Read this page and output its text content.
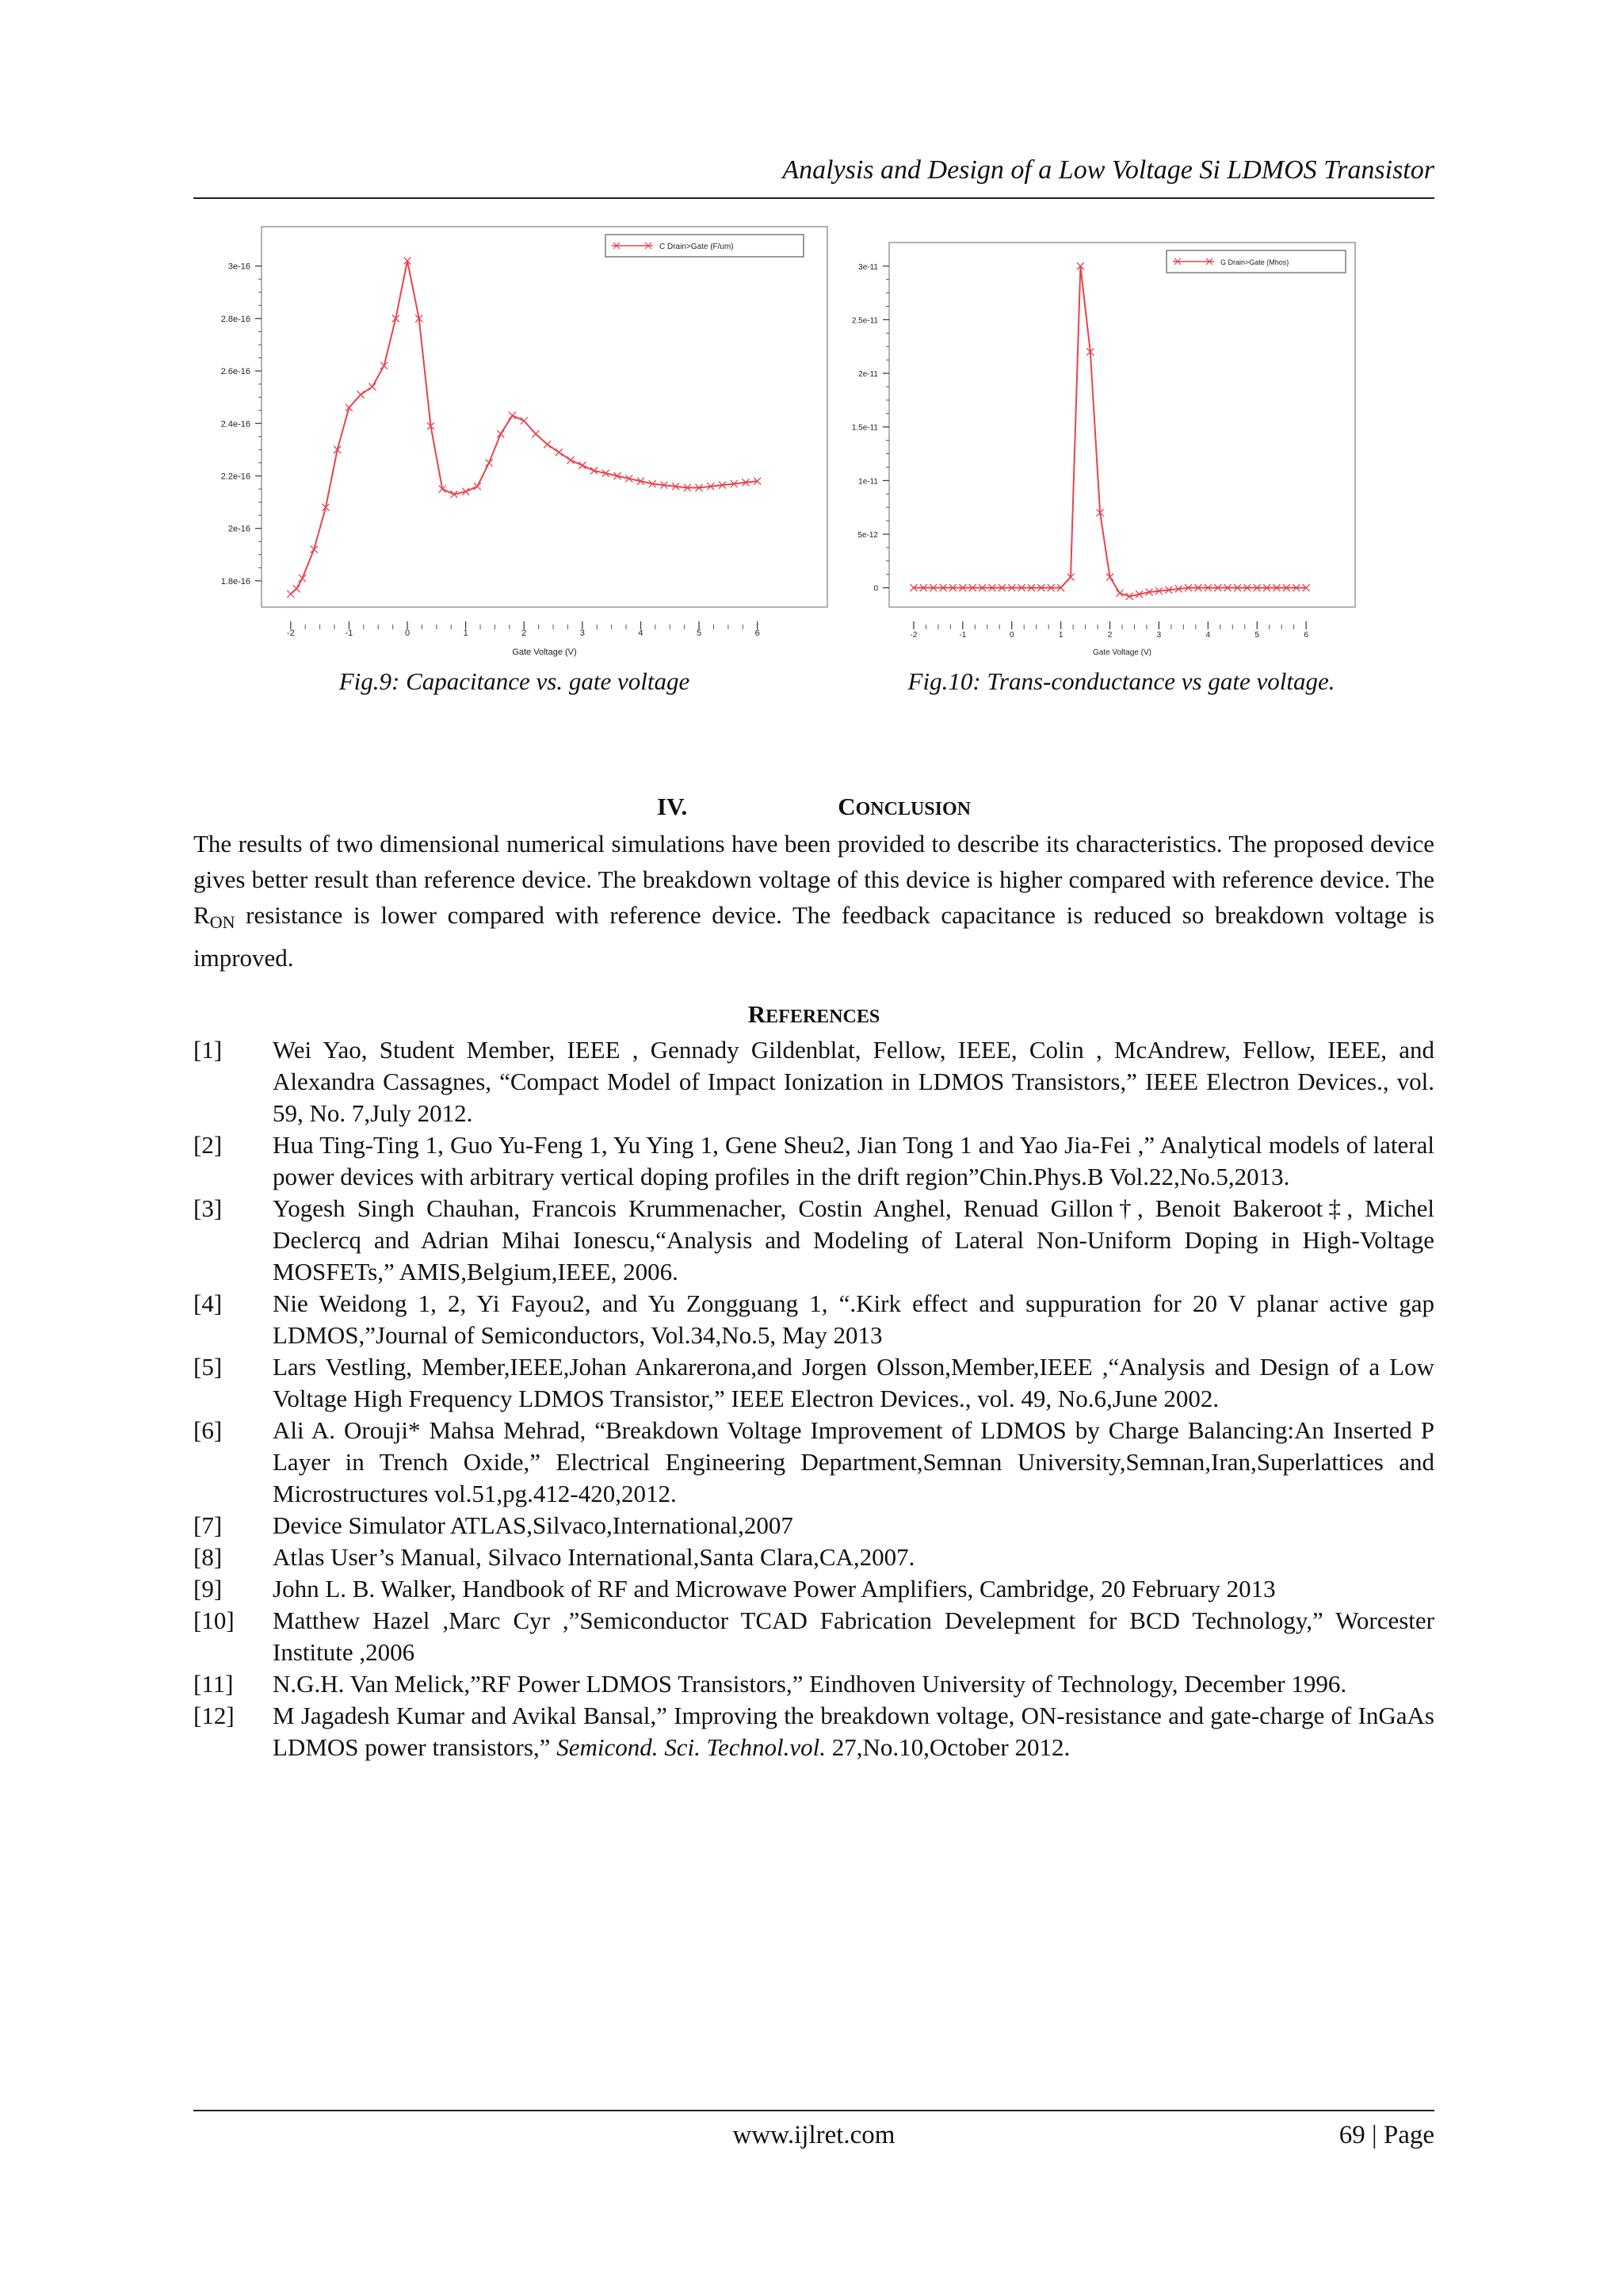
Analysis and Design of a Low Voltage Si LDMOS Transistor
1.8e-16
2e-16
2.2e-16
2.4e-16
2.6e-16
2.8e-16
3e-16
-2	-1	0	1	2	3	4	5	6
Gate Voltage (V)
C Drain>Gate (F/um)
Fig.9: Capacitance vs. gate voltage
0
5e-12
1e-11
1.5e-11
2e-11
2.5e-11
3e-11
-2	-1	0	1	2	3	4	5	6
Gate Voltage (V)
G Drain>Gate (Mhos)
Fig.10: Trans-conductance vs gate voltage.
IV.	CONCLUSION
The results of two dimensional numerical simulations have been provided to describe its characteristics. The proposed device gives better result than reference device. The breakdown voltage of this device is higher compared with reference device. The $R_{ON}$ resistance is lower compared with reference device. The feedback capacitance is reduced so breakdown voltage is improved.
REFERENCES
[1]	Wei Yao, Student Member, IEEE , Gennady Gildenblat, Fellow, IEEE, Colin , McAndrew, Fellow, IEEE, and Alexandra Cassagnes, “Compact Model of Impact Ionization in LDMOS Transistors,” IEEE Electron Devices., vol. 59, No. 7,July 2012.
[2]	Hua Ting-Ting 1, Guo Yu-Feng 1, Yu Ying 1, Gene Sheu2, Jian Tong 1 and Yao Jia-Fei ,” Analytical models of lateral power devices with arbitrary vertical doping profiles in the drift region”Chin.Phys.B Vol.22,No.5,2013.
[3]	Yogesh Singh Chauhan, Francois Krummenacher, Costin Anghel, Renuad Gillon†, Benoit Bakeroot‡, Michel Declercq and Adrian Mihai Ionescu,“Analysis and Modeling of Lateral Non-Uniform Doping in High-Voltage MOSFETs,” AMIS,Belgium,IEEE, 2006.
[4]	Nie Weidong 1, 2, Yi Fayou2, and Yu Zongguang 1, “.Kirk effect and suppuration for 20 V planar active gap LDMOS,”Journal of Semiconductors, Vol.34,No.5, May 2013
[5]	Lars Vestling, Member,IEEE,Johan Ankarerona,and Jorgen Olsson,Member,IEEE ,“Analysis and Design of a Low Voltage High Frequency LDMOS Transistor,” IEEE Electron Devices., vol. 49, No.6,June 2002.
[6]	Ali A. Orouji* Mahsa Mehrad, “Breakdown Voltage Improvement of LDMOS by Charge Balancing:An Inserted P Layer in Trench Oxide,” Electrical Engineering Department,Semnan University,Semnan,Iran,Superlattices and Microstructures vol.51,pg.412-420,2012.
[7]	Device Simulator ATLAS,Silvaco,International,2007
[8]	Atlas User’s Manual, Silvaco International,Santa Clara,CA,2007.
[9]	John L. B. Walker, Handbook of RF and Microwave Power Amplifiers, Cambridge, 20 February 2013
[10]	Matthew Hazel ,Marc Cyr ,”Semiconductor TCAD Fabrication Develepment for BCD Technology,” Worcester Institute ,2006
[11]	N.G.H. Van Melick,”RF Power LDMOS Transistors,” Eindhoven University of Technology, December 1996.
[12]	M Jagadesh Kumar and Avikal Bansal,” Improving the breakdown voltage, ON-resistance and gate-charge of InGaAs LDMOS power transistors,” Semicond. Sci. Technol.vol. 27,No.10,October 2012.
www.ijlret.com	69 | Page
